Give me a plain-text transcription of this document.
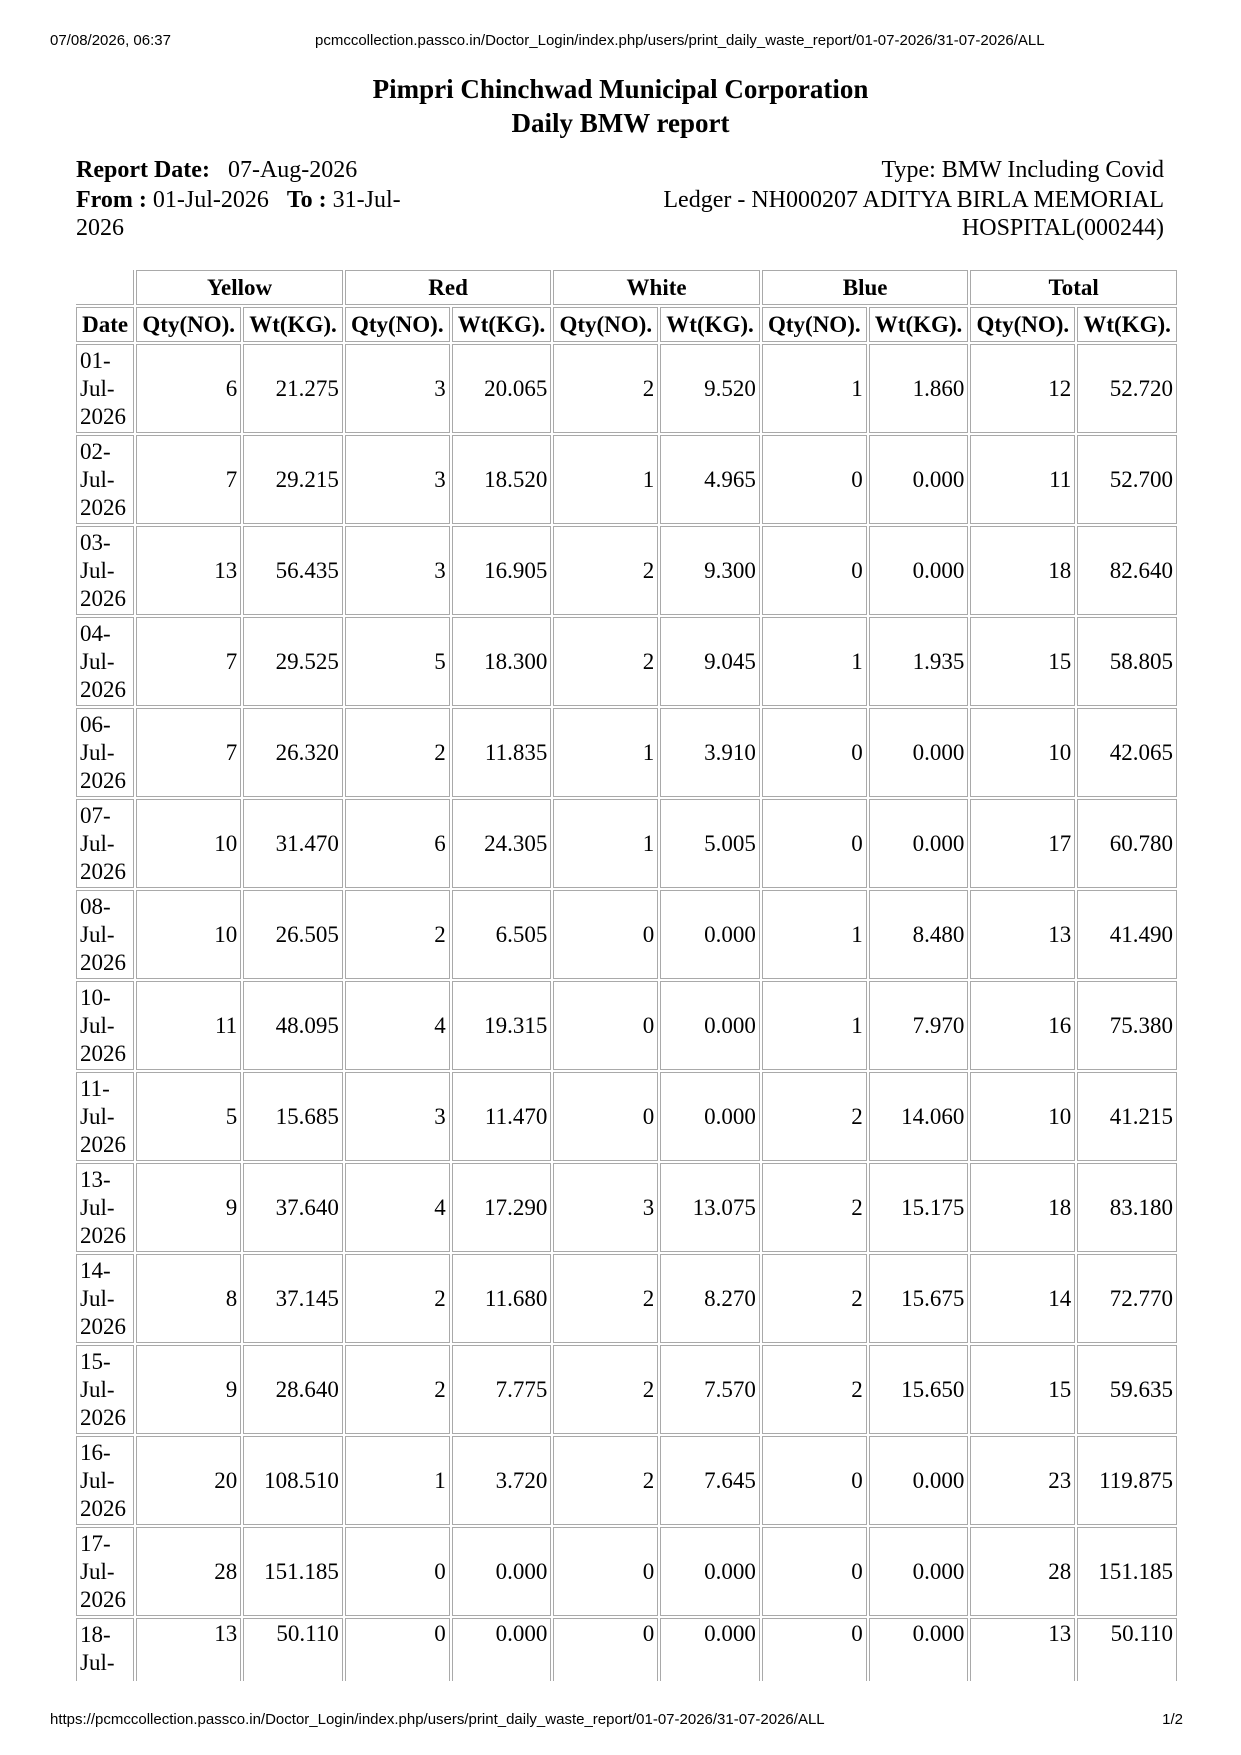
07/08/2026, 06:37	pcmccollection.passco.in/Doctor_Login/index.php/users/print_daily_waste_report/01-07-2026/31-07-2026/ALL
Pimpri Chinchwad Municipal Corporation
Daily BMW report
Report Date: 07-Aug-2026
From : 01-Jul-2026 To : 31-Jul-
2026
Type: BMW Including Covid
Ledger - NH000207 ADITYA BIRLA MEMORIAL
HOSPITAL(000244)
	Yellow		Red		White		Blue		Total	
Date	Qty(NO).	Wt(KG).	Qty(NO).	Wt(KG).	Qty(NO).	Wt(KG).	Qty(NO).	Wt(KG).	Qty(NO).	Wt(KG).

01-
Jul-
2026	6	21.275	3	20.065	2	9.520	1	1.860	12	52.720

02-
Jul-
2026	7	29.215	3	18.520	1	4.965	0	0.000	11	52.700

03-
Jul-
2026	13	56.435	3	16.905	2	9.300	0	0.000	18	82.640

04-
Jul-
2026	7	29.525	5	18.300	2	9.045	1	1.935	15	58.805

06-
Jul-
2026	7	26.320	2	11.835	1	3.910	0	0.000	10	42.065

07-
Jul-
2026	10	31.470	6	24.305	1	5.005	0	0.000	17	60.780

08-
Jul-
2026	10	26.505	2	6.505	0	0.000	1	8.480	13	41.490

10-
Jul-
2026	11	48.095	4	19.315	0	0.000	1	7.970	16	75.380

11-
Jul-
2026	5	15.685	3	11.470	0	0.000	2	14.060	10	41.215

13-
Jul-
2026	9	37.640	4	17.290	3	13.075	2	15.175	18	83.180

14-
Jul-
2026	8	37.145	2	11.680	2	8.270	2	15.675	14	72.770

15-
Jul-
2026	9	28.640	2	7.775	2	7.570	2	15.650	15	59.635

16-
Jul-
2026	20	108.510	1	3.720	2	7.645	0	0.000	23	119.875

17-
Jul-
2026	28	151.185	0	0.000	0	0.000	0	0.000	28	151.185

18-
Jul-	13	50.110	0	0.000	0	0.000	0	0.000	13	50.110
https://pcmccollection.passco.in/Doctor_Login/index.php/users/print_daily_waste_report/01-07-2026/31-07-2026/ALL	1/2
